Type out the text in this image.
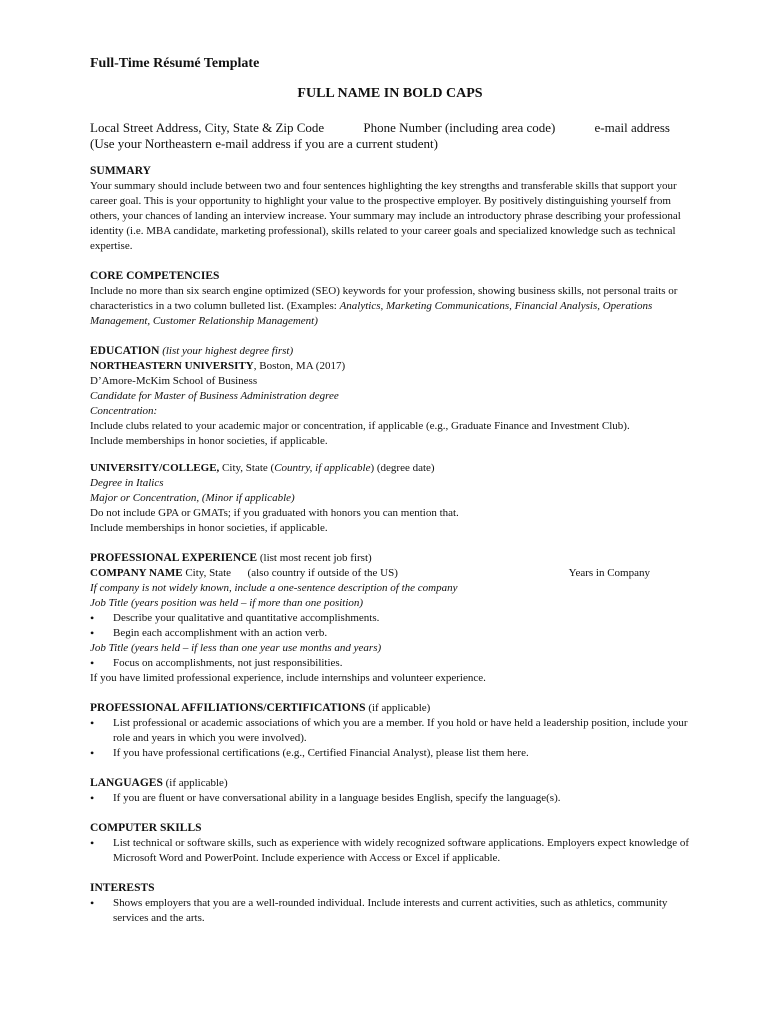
Full-Time Résumé Template
FULL NAME IN BOLD CAPS
Local Street Address, City, State & Zip Code	Phone Number (including area code)	e-mail address
(Use your Northeastern e-mail address if you are a current student)
SUMMARY
Your summary should include between two and four sentences highlighting the key strengths and transferable skills that support your career goal. This is your opportunity to highlight your value to the prospective employer. By positively distinguishing yourself from others, your chances of landing an interview increase. Your summary may include an introductory phrase describing your professional identity (i.e. MBA candidate, marketing professional), skills related to your career goals and specialized knowledge such as technical expertise.
CORE COMPETENCIES
Include no more than six search engine optimized (SEO) keywords for your profession, showing business skills, not personal traits or characteristics in a two column bulleted list. (Examples: Analytics, Marketing Communications, Financial Analysis, Operations Management, Customer Relationship Management)
EDUCATION (list your highest degree first)
NORTHEASTERN UNIVERSITY, Boston, MA (2017)
D’Amore-McKim School of Business
Candidate for Master of Business Administration degree
Concentration:
Include clubs related to your academic major or concentration, if applicable (e.g., Graduate Finance and Investment Club).
Include memberships in honor societies, if applicable.
UNIVERSITY/COLLEGE, City, State (Country, if applicable) (degree date)
Degree in Italics
Major or Concentration, (Minor if applicable)
Do not include GPA or GMATs; if you graduated with honors you can mention that.
Include memberships in honor societies, if applicable.
PROFESSIONAL EXPERIENCE (list most recent job first)
COMPANY NAME City, State      (also country if outside of the US)	Years in Company
If company is not widely known, include a one-sentence description of the company
Job Title (years position was held – if more than one position)
• Describe your qualitative and quantitative accomplishments.
• Begin each accomplishment with an action verb.
Job Title (years held – if less than one year use months and years)
• Focus on accomplishments, not just responsibilities.
If you have limited professional experience, include internships and volunteer experience.
PROFESSIONAL AFFILIATIONS/CERTIFICATIONS (if applicable)
• List professional or academic associations of which you are a member. If you hold or have held a leadership position, include your role and years in which you were involved).
• If you have professional certifications (e.g., Certified Financial Analyst), please list them here.
LANGUAGES (if applicable)
• If you are fluent or have conversational ability in a language besides English, specify the language(s).
COMPUTER SKILLS
• List technical or software skills, such as experience with widely recognized software applications. Employers expect knowledge of Microsoft Word and PowerPoint. Include experience with Access or Excel if applicable.
INTERESTS
• Shows employers that you are a well-rounded individual. Include interests and current activities, such as athletics, community services and the arts.
